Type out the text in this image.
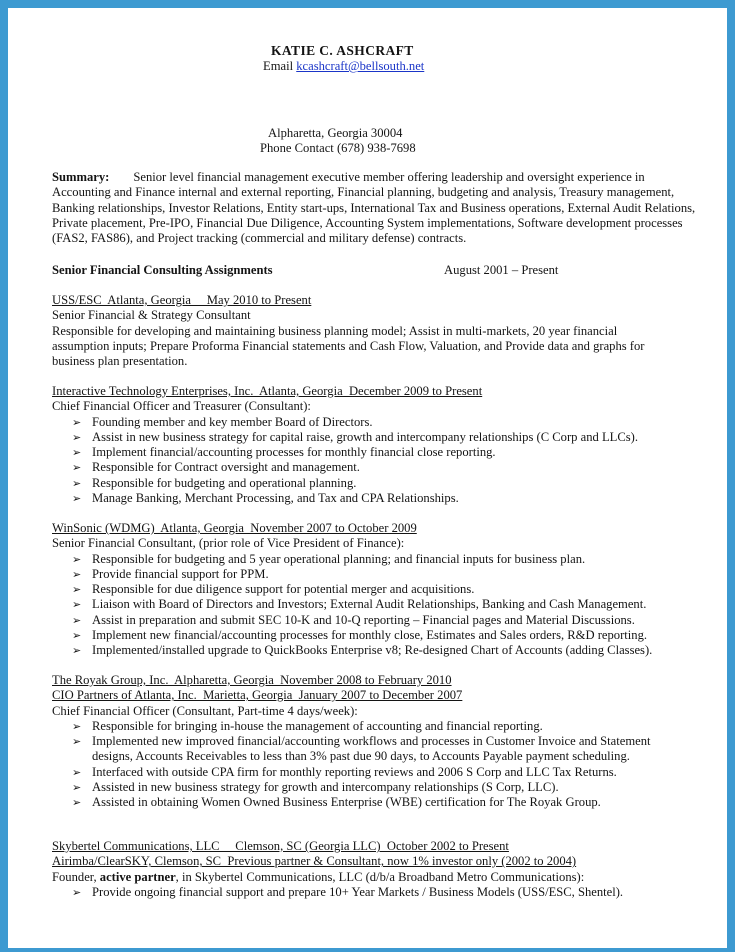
KATIE C. ASHCRAFT
Email kcashcraft@bellsouth.net
Alpharetta, Georgia 30004
Phone Contact (678) 938-7698
Summary: Senior level financial management executive member offering leadership and oversight experience in Accounting and Finance internal and external reporting, Financial planning, budgeting and analysis, Treasury management, Banking relationships, Investor Relations, Entity start-ups, International Tax and Business operations, External Audit Relations, Private placement, Pre-IPO, Financial Due Diligence, Accounting System implementations, Software development processes (FAS2, FAS86), and Project tracking (commercial and military defense) contracts.
Senior Financial Consulting Assignments	August 2001 – Present
USS/ESC  Atlanta, Georgia     May 2010 to Present
Senior Financial & Strategy Consultant
Responsible for developing and maintaining business planning model; Assist in multi-markets, 20 year financial assumption inputs; Prepare Proforma Financial statements and Cash Flow, Valuation, and Provide data and graphs for business plan presentation.
Interactive Technology Enterprises, Inc.  Atlanta, Georgia  December 2009 to Present
Chief Financial Officer and Treasurer (Consultant):
➢ Founding member and key member Board of Directors.
➢ Assist in new business strategy for capital raise, growth and intercompany relationships (C Corp and LLCs).
➢ Implement financial/accounting processes for monthly financial close reporting.
➢ Responsible for Contract oversight and management.
➢ Responsible for budgeting and operational planning.
➢ Manage Banking, Merchant Processing, and Tax and CPA Relationships.
WinSonic (WDMG)  Atlanta, Georgia  November 2007 to October 2009
Senior Financial Consultant, (prior role of Vice President of Finance):
➢ Responsible for budgeting and 5 year operational planning; and financial inputs for business plan.
➢ Provide financial support for PPM.
➢ Responsible for due diligence support for potential merger and acquisitions.
➢ Liaison with Board of Directors and Investors; External Audit Relationships, Banking and Cash Management.
➢ Assist in preparation and submit SEC 10-K and 10-Q reporting – Financial pages and Material Discussions.
➢ Implement new financial/accounting processes for monthly close, Estimates and Sales orders, R&D reporting.
➢ Implemented/installed upgrade to QuickBooks Enterprise v8; Re-designed Chart of Accounts (adding Classes).
The Royak Group, Inc.  Alpharetta, Georgia  November 2008 to February 2010
CIO Partners of Atlanta, Inc.  Marietta, Georgia  January 2007 to December 2007
Chief Financial Officer (Consultant, Part-time 4 days/week):
➢ Responsible for bringing in-house the management of accounting and financial reporting.
➢ Implemented new improved financial/accounting workflows and processes in Customer Invoice and Statement designs, Accounts Receivables to less than 3% past due 90 days, to Accounts Payable payment scheduling.
➢ Interfaced with outside CPA firm for monthly reporting reviews and 2006 S Corp and LLC Tax Returns.
➢ Assisted in new business strategy for growth and intercompany relationships (S Corp, LLC).
➢ Assisted in obtaining Women Owned Business Enterprise (WBE) certification for The Royak Group.
Skybertel Communications, LLC     Clemson, SC (Georgia LLC)  October 2002 to Present
Airimba/ClearSKY, Clemson, SC  Previous partner & Consultant, now 1% investor only (2002 to 2004)
Founder, active partner, in Skybertel Communications, LLC (d/b/a Broadband Metro Communications):
➢ Provide ongoing financial support and prepare 10+ Year Markets / Business Models (USS/ESC, Shentel).
